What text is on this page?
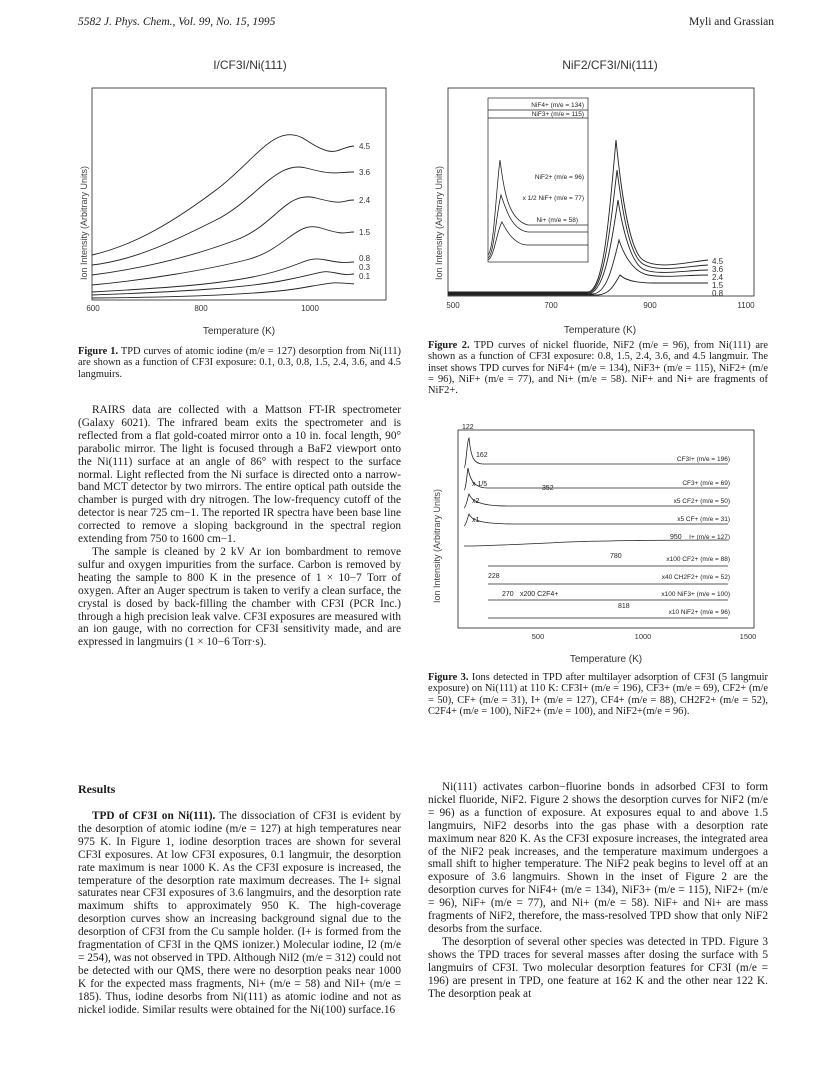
5582 J. Phys. Chem., Vol. 99, No. 15, 1995	Myli and Grassian
I/CF3I/Ni(111)
Ion Intensity (Arbitrary Units)
4.5
3.6
2.4
1.5
0.8
0.3
0.1
600	800	1000
Temperature (K)
Figure 1. TPD curves of atomic iodine (m/e = 127) desorption from Ni(111) are shown as a function of CF3I exposure: 0.1, 0.3, 0.8, 1.5, 2.4, 3.6, and 4.5 langmuirs.
NiF2/CF3I/Ni(111)
Ion Intensity (Arbitrary Units)
NiF4+ (m/e = 134)
NiF3+ (m/e = 115)
NiF2+ (m/e = 96)
x 1/2 NiF+ (m/e = 77)
Ni+ (m/e = 58)
4.5
3.6
2.4
1.5
0.8
500	700	900	1100
Temperature (K)
Figure 2. TPD curves of nickel fluoride, NiF2 (m/e = 96), from Ni(111) are shown as a function of CF3I exposure: 0.8, 1.5, 2.4, 3.6, and 4.5 langmuir. The inset shows TPD curves for NiF4+ (m/e = 134), NiF3+ (m/e = 115), NiF2+ (m/e = 96), NiF+ (m/e = 77), and Ni+ (m/e = 58). NiF+ and Ni+ are fragments of NiF2+.
Ion Intensity (Arbitrary Units)
122
162
352
780
228
270
818
x 1/5
x2
x1
950
x200 C2F4+
CF3I+ (m/e = 196)
CF3+ (m/e = 69)
x5 CF2+ (m/e = 50)
x5 CF+ (m/e = 31)
I+ (m/e = 127)
x100 CF2+ (m/e = 88)
x40 CH2F2+ (m/e = 52)
x100 NiF3+ (m/e = 100)
x10 NiF2+ (m/e = 96)
500	1000	1500
Temperature (K)
Figure 3. Ions detected in TPD after multilayer adsorption of CF3I (5 langmuir exposure) on Ni(111) at 110 K: CF3I+ (m/e = 196), CF3+ (m/e = 69), CF2+ (m/e = 50), CF+ (m/e = 31), I+ (m/e = 127), CF4+ (m/e = 88), CH2F2+ (m/e = 52), C2F4+ (m/e = 100), NiF2+ (m/e = 100), and NiF2+(m/e = 96).

RAIRS data are collected with a Mattson FT-IR spectrometer (Galaxy 6021). The infrared beam exits the spectrometer and is reflected from a flat gold-coated mirror onto a 10 in. focal length, 90° parabolic mirror. The light is focused through a BaF2 viewport onto the Ni(111) surface at an angle of 86° with respect to the surface normal. Light reflected from the Ni surface is directed onto a narrow-band MCT detector by two mirrors. The entire optical path outside the chamber is purged with dry nitrogen. The low-frequency cutoff of the detector is near 725 cm−1. The reported IR spectra have been base line corrected to remove a sloping background in the spectral region extending from 750 to 1600 cm−1.

The sample is cleaned by 2 kV Ar ion bombardment to remove sulfur and oxygen impurities from the surface. Carbon is removed by heating the sample to 800 K in the presence of 1 × 10−7 Torr of oxygen. After an Auger spectrum is taken to verify a clean surface, the crystal is dosed by back-filling the chamber with CF3I (PCR Inc.) through a high precision leak valve. CF3I exposures are measured with an ion gauge, with no correction for CF3I sensitivity made, and are expressed in langmuirs (1 × 10−6 Torr·s).

Results

TPD of CF3I on Ni(111). The dissociation of CF3I is evident by the desorption of atomic iodine (m/e = 127) at high temperatures near 975 K. In Figure 1, iodine desorption traces are shown for several CF3I exposures. At low CF3I exposures, 0.1 langmuir, the desorption rate maximum is near 1000 K. As the CF3I exposure is increased, the temperature of the desorption rate maximum decreases. The I+ signal saturates near CF3I exposures of 3.6 langmuirs, and the desorption rate maximum shifts to approximately 950 K. The high-coverage desorption curves show an increasing background signal due to the desorption of CF3I from the Cu sample holder. (I+ is formed from the fragmentation of CF3I in the QMS ionizer.) Molecular iodine, I2 (m/e = 254), was not observed in TPD. Although NiI2 (m/e = 312) could not be detected with our QMS, there were no desorption peaks near 1000 K for the expected mass fragments, Ni+ (m/e = 58) and NiI+ (m/e = 185). Thus, iodine desorbs from Ni(111) as atomic iodine and not as nickel iodide. Similar results were obtained for the Ni(100) surface.16

Ni(111) activates carbon−fluorine bonds in adsorbed CF3I to form nickel fluoride, NiF2. Figure 2 shows the desorption curves for NiF2 (m/e = 96) as a function of exposure. At exposures equal to and above 1.5 langmuirs, NiF2 desorbs into the gas phase with a desorption rate maximum near 820 K. As the CF3I exposure increases, the integrated area of the NiF2 peak increases, and the temperature maximum undergoes a small shift to higher temperature. The NiF2 peak begins to level off at an exposure of 3.6 langmuirs. Shown in the inset of Figure 2 are the desorption curves for NiF4+ (m/e = 134), NiF3+ (m/e = 115), NiF2+ (m/e = 96), NiF+ (m/e = 77), and Ni+ (m/e = 58). NiF+ and Ni+ are mass fragments of NiF2, therefore, the mass-resolved TPD show that only NiF2 desorbs from the surface.

The desorption of several other species was detected in TPD. Figure 3 shows the TPD traces for several masses after dosing the surface with 5 langmuirs of CF3I. Two molecular desorption features for CF3I (m/e = 196) are present in TPD, one feature at 162 K and the other near 122 K. The desorption peak at
